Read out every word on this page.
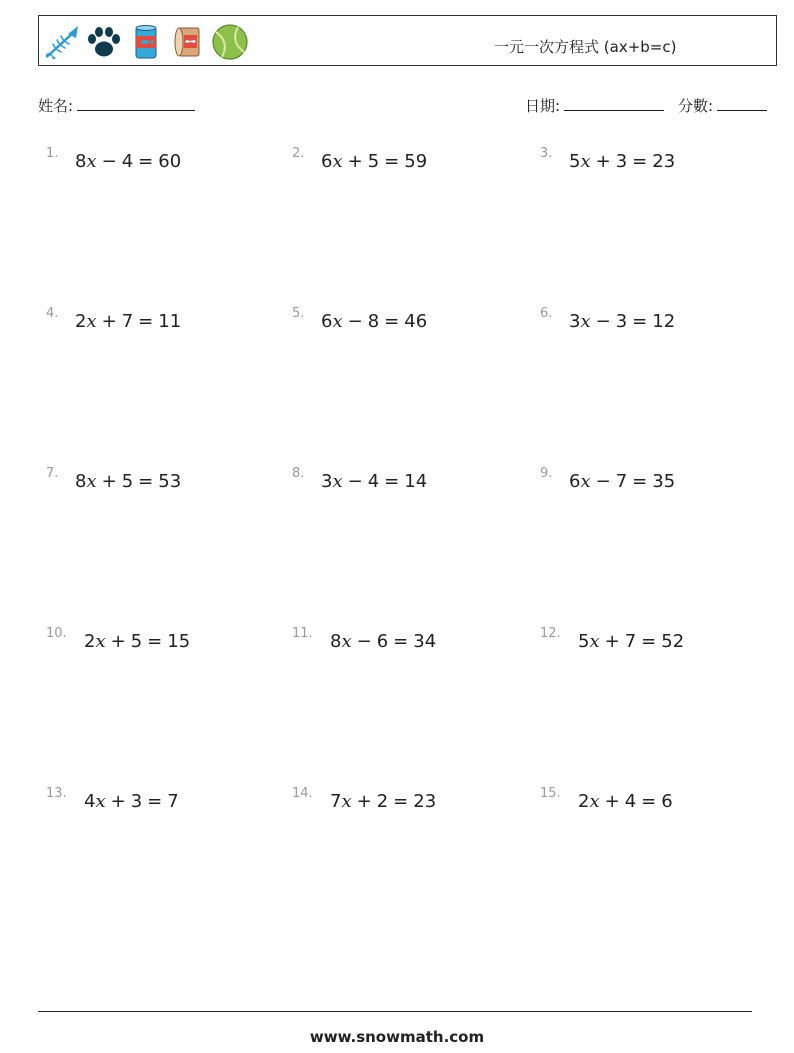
一元一次方程式 (ax+b=c)
姓名:	日期:	分數:
1. 8x − 4 = 60	2. 6x + 5 = 59	3. 5x + 3 = 23
4. 2x + 7 = 11	5. 6x − 8 = 46	6. 3x − 3 = 12
7. 8x + 5 = 53	8. 3x − 4 = 14	9. 6x − 7 = 35
10. 2x + 5 = 15	11. 8x − 6 = 34	12. 5x + 7 = 52
13. 4x + 3 = 7	14. 7x + 2 = 23	15. 2x + 4 = 6
www.snowmath.com
